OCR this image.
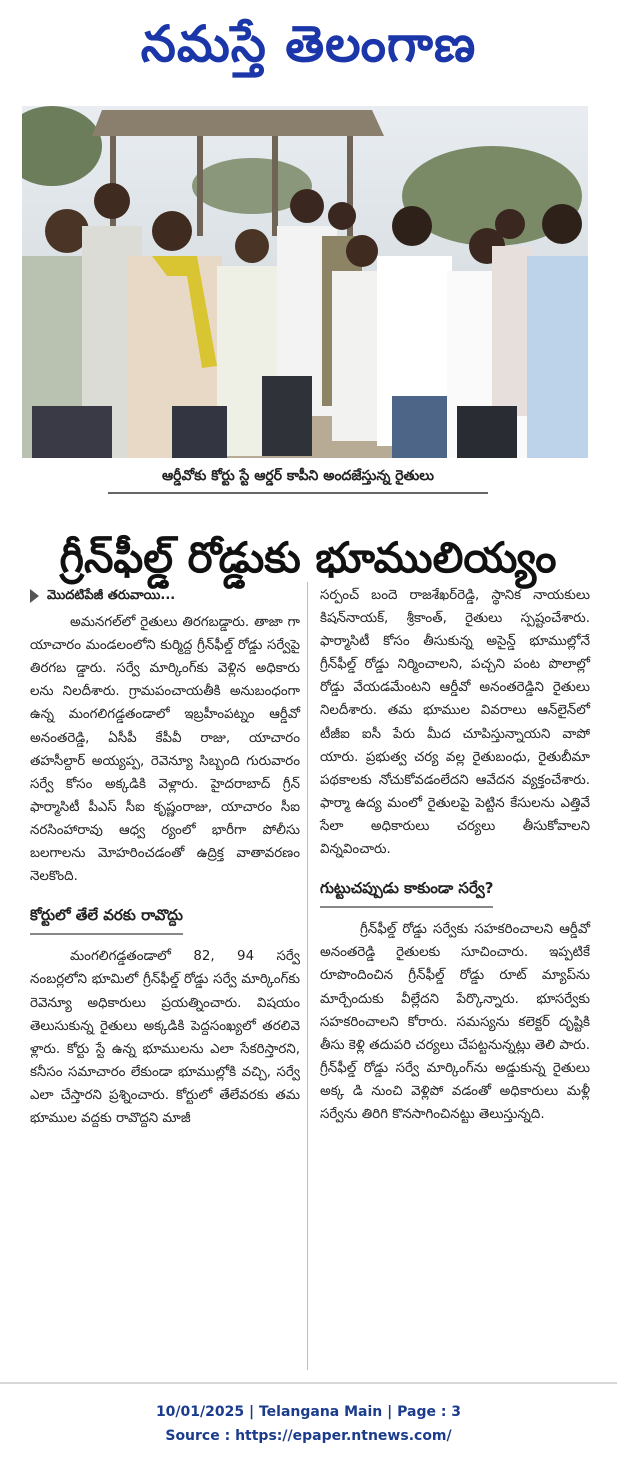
నమస్తే తెలంగాణ
ఆర్డీవోకు కోర్టు స్టే ఆర్డర్ కాపీని అందజేస్తున్న రైతులు
గ్రీన్‌ఫీల్డ్ రోడ్డుకు భూములియ్యం

మొదటిపేజీ తరువాయి...

అమనగల్‌లో రైతులు తిరగబడ్డారు. తాజా గా యాచారం మండలంలోని కుర్మిద్ద గ్రీన్‌ఫీల్డ్ రోడ్డు సర్వేపై తిరగబ డ్డారు. సర్వే మార్కింగ్‌కు వెళ్లిన అధికారు లను నిలదీశారు. గ్రామపంచాయతీకి అనుబంధంగా ఉన్న మంగలిగడ్డతండాలో ఇబ్రహీంపట్నం ఆర్డీవో అనంతరెడ్డి, ఏసీపీ కేపీవీ రాజు, యాచారం తహసీల్దార్ అయ్యప్ప, రెవెన్యూ సిబ్బంది గురువారం సర్వే కోసం అక్కడికి వెళ్లారు. హైదరాబాద్ గ్రీన్ ఫార్మాసిటీ పీఎస్ సీఐ కృష్ణంరాజు, యాచారం సీఐ నరసింహారావు ఆధ్వ ర్యంలో భారీగా పోలీసు బలగాలను మోహరించడంతో ఉద్రిక్త వాతావరణం నెలకొంది.

కోర్టులో తేలే వరకు రావొద్దు

మంగలిగడ్డతండాలో 82, 94 సర్వే నంబర్లలోని భూమిలో గ్రీన్‌ఫీల్డ్ రోడ్డు సర్వే మార్కింగ్‌కు రెవెన్యూ అధికారులు ప్రయత్నించారు. విషయం తెలుసుకున్న రైతులు అక్కడికి పెద్దసంఖ్యలో తరలివె ళ్లారు. కోర్టు స్టే ఉన్న భూములను ఎలా సేకరిస్తారని, కనీసం సమాచారం లేకుండా భూముల్లోకి వచ్చి, సర్వే ఎలా చేస్తారని ప్రశ్నించారు. కోర్టులో తేలేవరకు తమ భూముల వద్దకు రావొద్దని మాజీ

సర్పంచ్ బందె రాజశేఖర్‌రెడ్డి, స్థానిక నాయకులు కిషన్‌నాయక్, శ్రీకాంత్, రైతులు స్పష్టంచేశారు. ఫార్మాసిటీ కోసం తీసుకున్న అసైన్డ్ భూముల్లోనే గ్రీన్‌ఫీల్డ్ రోడ్డు నిర్మించాలని, పచ్చని పంట పొలాల్లో రోడ్డు వేయడమేంటని ఆర్డీవో అనంతరెడ్డిని రైతులు నిలదీశారు. తమ భూముల వివరాలు ఆన్‌లైన్‌లో టీజీఐ ఐసీ పేరు మీద చూపిస్తున్నాయని వాపో యారు. ప్రభుత్వ చర్య వల్ల రైతుబంధు, రైతుబీమా పథకాలకు నోచుకోవడంలేదని ఆవేదన వ్యక్తంచేశారు. ఫార్మా ఉద్య మంలో రైతులపై పెట్టిన కేసులను ఎత్తివే సేలా అధికారులు చర్యలు తీసుకోవాలని విన్నవించారు.

గుట్టుచప్పుడు కాకుండా సర్వే?

గ్రీన్‌ఫీల్డ్ రోడ్డు సర్వేకు సహకరించాలని ఆర్డీవో అనంతరెడ్డి రైతులకు సూచించారు. ఇప్పటికే రూపొందించిన గ్రీన్‌ఫీల్డ్ రోడ్డు రూట్ మ్యాప్‌ను మార్చేందుకు వీల్లేదని పేర్కొన్నారు. భూసర్వేకు సహకరించాలని కోరారు. సమస్యను కలెక్టర్ దృష్టికి తీసు కెళ్లి తదుపరి చర్యలు చేపట్టనున్నట్లు తెలి పారు. గ్రీన్‌ఫీల్డ్ రోడ్డు సర్వే మార్కింగ్‌ను అడ్డుకున్న రైతులు అక్క డి నుంచి వెళ్లిపో వడంతో అధికారులు మళ్లీ సర్వేను తిరిగి కొనసాగించినట్టు తెలుస్తున్నది.

10/01/2025 | Telangana Main | Page : 3
Source : https://epaper.ntnews.com/
